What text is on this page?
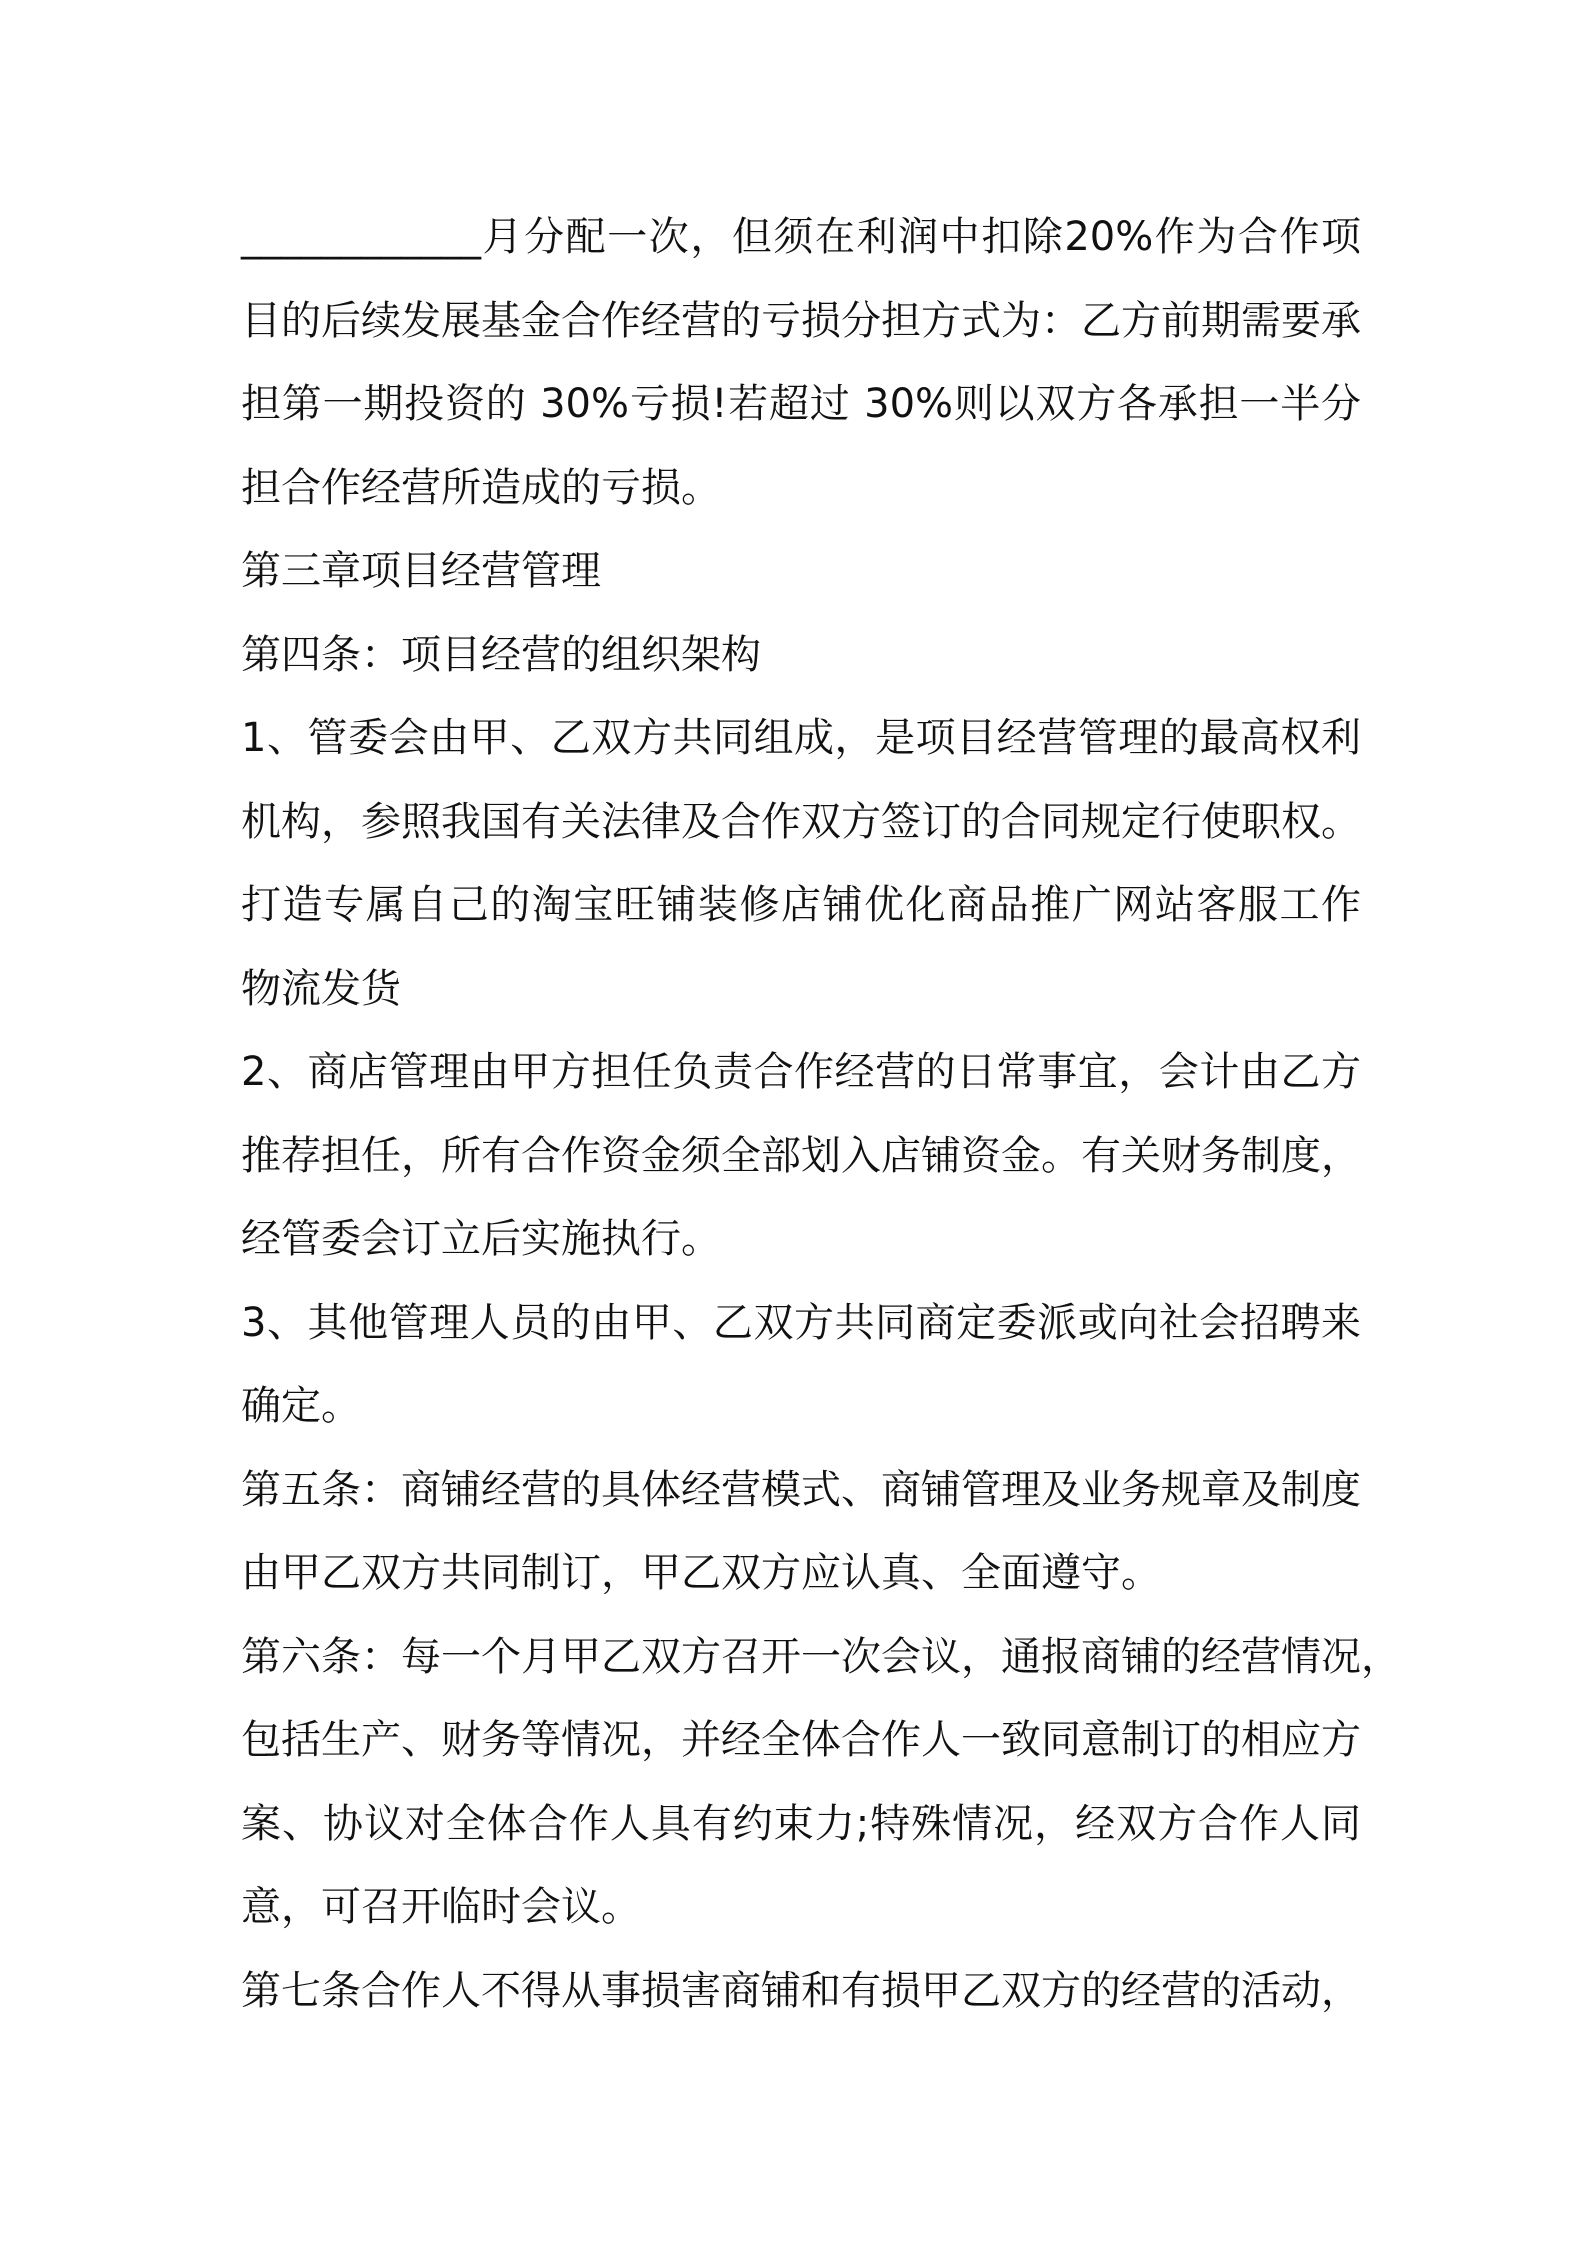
____________月分配一次，但须在利润中扣除20%作为合作项
目的后续发展基金合作经营的亏损分担方式为：乙方前期需要承
担第一期投资的 30%亏损!若超过 30%则以双方各承担一半分
担合作经营所造成的亏损。
第三章项目经营管理
第四条：项目经营的组织架构
1、管委会由甲、乙双方共同组成，是项目经营管理的最高权利
机构，参照我国有关法律及合作双方签订的合同规定行使职权。
打造专属自己的淘宝旺铺装修店铺优化商品推广网站客服工作
物流发货
2、商店管理由甲方担任负责合作经营的日常事宜，会计由乙方
推荐担任，所有合作资金须全部划入店铺资金。有关财务制度，
经管委会订立后实施执行。
3、其他管理人员的由甲、乙双方共同商定委派或向社会招聘来
确定。
第五条：商铺经营的具体经营模式、商铺管理及业务规章及制度
由甲乙双方共同制订，甲乙双方应认真、全面遵守。
第六条：每一个月甲乙双方召开一次会议，通报商铺的经营情况，
包括生产、财务等情况，并经全体合作人一致同意制订的相应方
案、协议对全体合作人具有约束力;特殊情况，经双方合作人同
意，可召开临时会议。
第七条合作人不得从事损害商铺和有损甲乙双方的经营的活动，
